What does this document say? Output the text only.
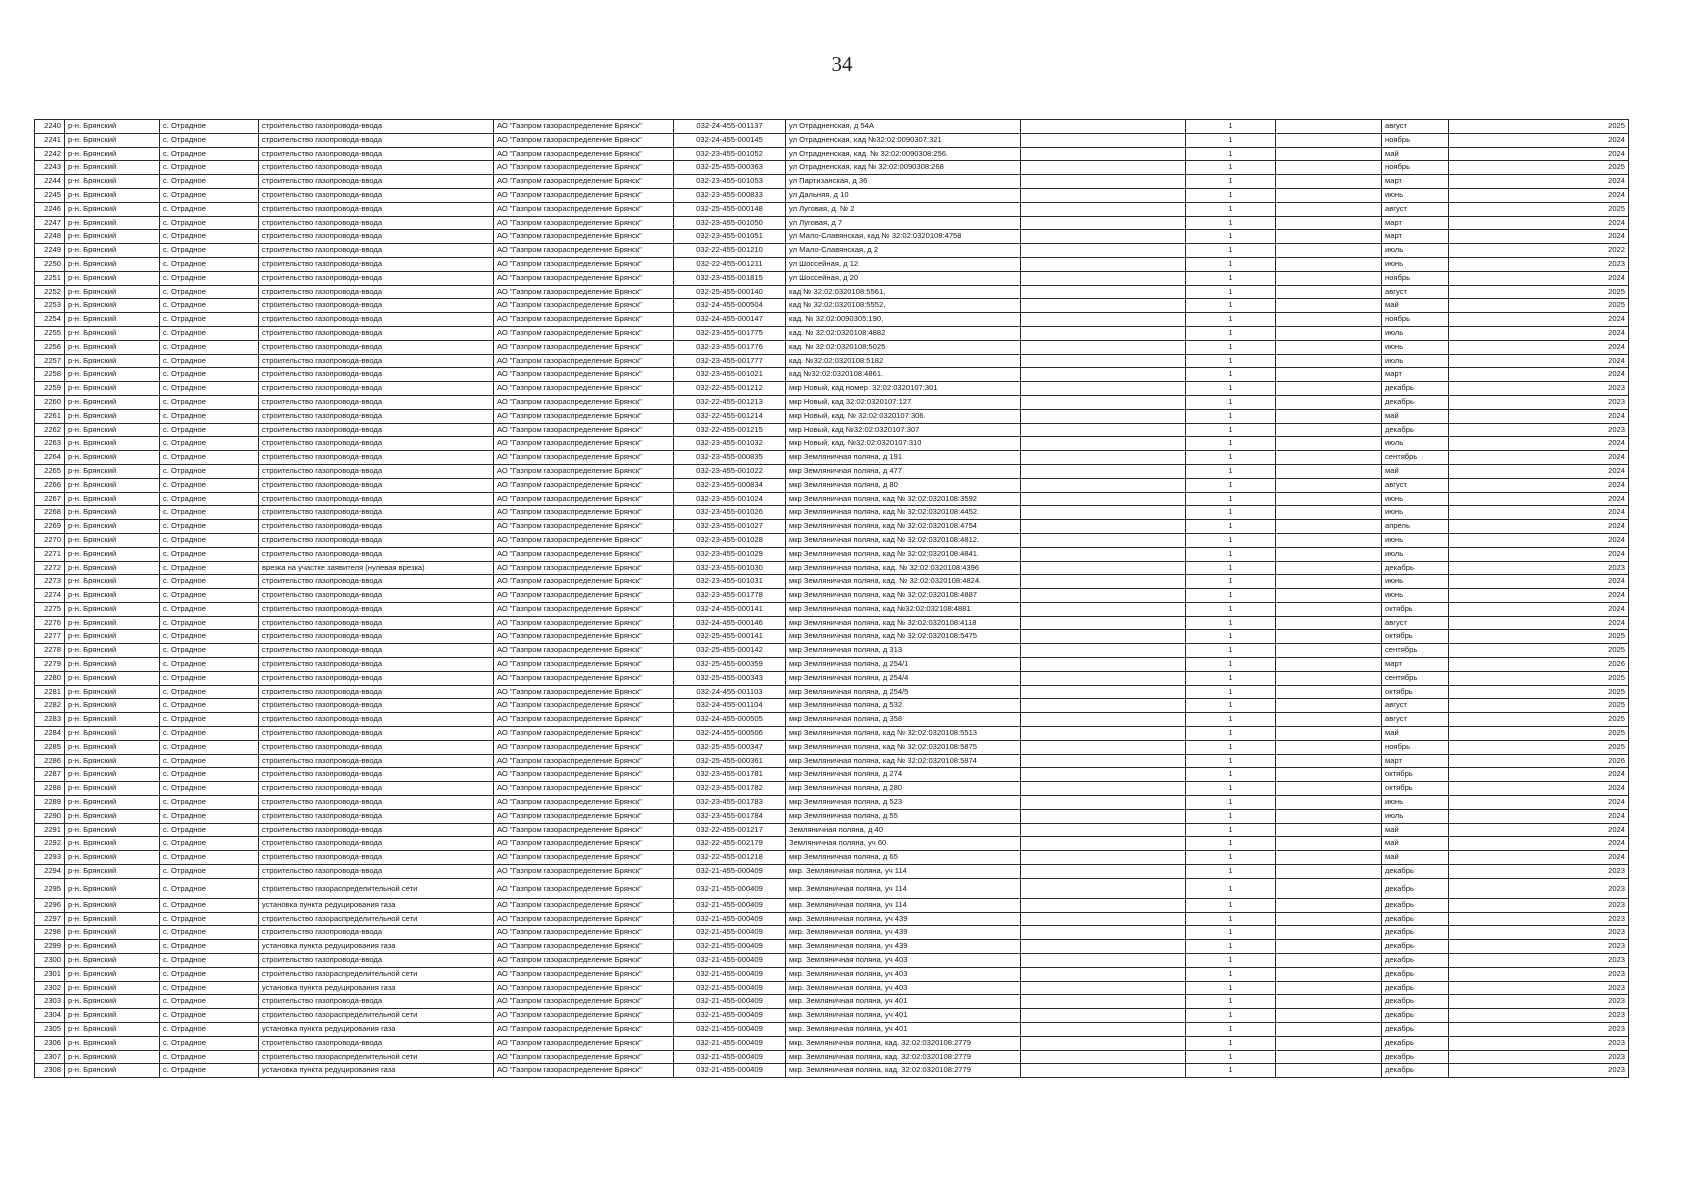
34
2240	р-н. Брянский	с. Отрадное	строительство газопровода-ввода	АО "Газпром газораспределение Брянск"	032-24-455-001137	ул Отрадненская, д 54А		1		август	2025
2241	р-н. Брянский	с. Отрадное	строительство газопровода-ввода	АО "Газпром газораспределение Брянск"	032-24-455-000145	ул Отрадненская, кад №32:02:0090307:321		1		ноябрь	2024
2242	р-н. Брянский	с. Отрадное	строительство газопровода-ввода	АО "Газпром газораспределение Брянск"	032-23-455-001052	ул Отрадненская, кад. № 32:02:0090308:256.		1		май	2024
2243	р-н. Брянский	с. Отрадное	строительство газопровода-ввода	АО "Газпром газораспределение Брянск"	032-25-455-000363	ул Отрадненская, кад № 32:02:0090308:268		1		ноябрь	2025
2244	р-н. Брянский	с. Отрадное	строительство газопровода-ввода	АО "Газпром газораспределение Брянск"	032-23-455-001053	ул Партизанская, д 36		1		март	2024
2245	р-н. Брянский	с. Отрадное	строительство газопровода-ввода	АО "Газпром газораспределение Брянск"	032-23-455-000833	ул Дальняя, д 10		1		июнь	2024
2246	р-н. Брянский	с. Отрадное	строительство газопровода-ввода	АО "Газпром газораспределение Брянск"	032-25-455-000148	ул Луговая, д. № 2		1		август	2025
2247	р-н. Брянский	с. Отрадное	строительство газопровода-ввода	АО "Газпром газораспределение Брянск"	032-23-455-001050	ул Луговая, д 7		1		март	2024
2248	р-н. Брянский	с. Отрадное	строительство газопровода-ввода	АО "Газпром газораспределение Брянск"	032-23-455-001051	ул Мало-Славянская, кад № 32:02:0320108:4758		1		март	2024
2249	р-н. Брянский	с. Отрадное	строительство газопровода-ввода	АО "Газпром газораспределение Брянск"	032-22-455-001210	ул Мало-Славянская, д 2		1		июль	2022
2250	р-н. Брянский	с. Отрадное	строительство газопровода-ввода	АО "Газпром газораспределение Брянск"	032-22-455-001211	ул Шоссейная, д 12		1		июнь	2023
2251	р-н. Брянский	с. Отрадное	строительство газопровода-ввода	АО "Газпром газораспределение Брянск"	032-23-455-001815	ул Шоссейная, д 20		1		ноябрь	2024
2252	р-н. Брянский	с. Отрадное	строительство газопровода-ввода	АО "Газпром газораспределение Брянск"	032-25-455-000140	кад № 32:02:0320108:5561,		1		август	2025
2253	р-н. Брянский	с. Отрадное	строительство газопровода-ввода	АО "Газпром газораспределение Брянск"	032-24-455-000504	кад № 32:02:0320108:5552,		1		май	2025
2254	р-н. Брянский	с. Отрадное	строительство газопровода-ввода	АО "Газпром газораспределение Брянск"	032-24-455-000147	кад. № 32:02:0090305:190,		1		ноябрь	2024
2255	р-н. Брянский	с. Отрадное	строительство газопровода-ввода	АО "Газпром газораспределение Брянск"	032-23-455-001775	кад. № 32:02:0320108:4882		1		июль	2024
2256	р-н. Брянский	с. Отрадное	строительство газопровода-ввода	АО "Газпром газораспределение Брянск"	032-23-455-001776	кад. № 32:02:0320108:5025		1		июнь	2024
2257	р-н. Брянский	с. Отрадное	строительство газопровода-ввода	АО "Газпром газораспределение Брянск"	032-23-455-001777	кад. №32:02:0320108:5182		1		июль	2024
2258	р-н. Брянский	с. Отрадное	строительство газопровода-ввода	АО "Газпром газораспределение Брянск"	032-23-455-001021	кад №32:02:0320108:4861.		1		март	2024
2259	р-н. Брянский	с. Отрадное	строительство газопровода-ввода	АО "Газпром газораспределение Брянск"	032-22-455-001212	мкр Новый, кад номер. 32:02:0320107:301		1		декабрь	2023
2260	р-н. Брянский	с. Отрадное	строительство газопровода-ввода	АО "Газпром газораспределение Брянск"	032-22-455-001213	мкр Новый, кад 32:02:0320107:127		1		декабрь	2023
2261	р-н. Брянский	с. Отрадное	строительство газопровода-ввода	АО "Газпром газораспределение Брянск"	032-22-455-001214	мкр Новый, кад. № 32:02:0320107:306.		1		май	2024
2262	р-н. Брянский	с. Отрадное	строительство газопровода-ввода	АО "Газпром газораспределение Брянск"	032-22-455-001215	мкр Новый, кад №32:02:0320107:307		1		декабрь	2023
2263	р-н. Брянский	с. Отрадное	строительство газопровода-ввода	АО "Газпром газораспределение Брянск"	032-23-455-001032	мкр Новый, кад. №32:02:0320107:310		1		июль	2024
2264	р-н. Брянский	с. Отрадное	строительство газопровода-ввода	АО "Газпром газораспределение Брянск"	032-23-455-000835	мкр Земляничная поляна, д 191		1		сентябрь	2024
2265	р-н. Брянский	с. Отрадное	строительство газопровода-ввода	АО "Газпром газораспределение Брянск"	032-23-455-001022	мкр Земляничная поляна, д 477		1		май	2024
2266	р-н. Брянский	с. Отрадное	строительство газопровода-ввода	АО "Газпром газораспределение Брянск"	032-23-455-000834	мкр Земляничная поляна, д 80		1		август	2024
2267	р-н. Брянский	с. Отрадное	строительство газопровода-ввода	АО "Газпром газораспределение Брянск"	032-23-455-001024	мкр Земляничная поляна, кад № 32:02:0320108:3592		1		июнь	2024
2268	р-н. Брянский	с. Отрадное	строительство газопровода-ввода	АО "Газпром газораспределение Брянск"	032-23-455-001026	мкр Земляничная поляна, кад № 32:02:0320108:4452.		1		июнь	2024
2269	р-н. Брянский	с. Отрадное	строительство газопровода-ввода	АО "Газпром газораспределение Брянск"	032-23-455-001027	мкр Земляничная поляна, кад № 32:02:0320108:4754		1		апрель	2024
2270	р-н. Брянский	с. Отрадное	строительство газопровода-ввода	АО "Газпром газораспределение Брянск"	032-23-455-001028	мкр Земляничная поляна, кад № 32:02:0320108:4812.		1		июнь	2024
2271	р-н. Брянский	с. Отрадное	строительство газопровода-ввода	АО "Газпром газораспределение Брянск"	032-23-455-001029	мкр Земляничная поляна, кад № 32:02:0320108:4841.		1		июль	2024
2272	р-н. Брянский	с. Отрадное	врезка на участке заявителя (нулевая врезка)	АО "Газпром газораспределение Брянск"	032-23-455-001030	мкр Земляничная поляна, кад. № 32:02:0320108:4396		1		декабрь	2023
2273	р-н. Брянский	с. Отрадное	строительство газопровода-ввода	АО "Газпром газораспределение Брянск"	032-23-455-001031	мкр Земляничная поляна, кад. № 32:02:0320108:4824.		1		июнь	2024
2274	р-н. Брянский	с. Отрадное	строительство газопровода-ввода	АО "Газпром газораспределение Брянск"	032-23-455-001778	мкр Земляничная поляна, кад № 32:02:0320108:4887		1		июнь	2024
2275	р-н. Брянский	с. Отрадное	строительство газопровода-ввода	АО "Газпром газораспределение Брянск"	032-24-455-000141	мкр Земляничная поляна, кад №32:02:032108:4881		1		октябрь	2024
2276	р-н. Брянский	с. Отрадное	строительство газопровода-ввода	АО "Газпром газораспределение Брянск"	032-24-455-000146	мкр Земляничная поляна, кад № 32:02:0320108:4118		1		август	2024
2277	р-н. Брянский	с. Отрадное	строительство газопровода-ввода	АО "Газпром газораспределение Брянск"	032-25-455-000141	мкр Земляничная поляна, кад № 32:02:0320108:5475		1		октябрь	2025
2278	р-н. Брянский	с. Отрадное	строительство газопровода-ввода	АО "Газпром газораспределение Брянск"	032-25-455-000142	мкр Земляничная поляна, д 313		1		сентябрь	2025
2279	р-н. Брянский	с. Отрадное	строительство газопровода-ввода	АО "Газпром газораспределение Брянск"	032-25-455-000359	мкр Земляничная поляна, д 254/1		1		март	2026
2280	р-н. Брянский	с. Отрадное	строительство газопровода-ввода	АО "Газпром газораспределение Брянск"	032-25-455-000343	мкр Земляничная поляна, д 254/4		1		сентябрь	2025
2281	р-н. Брянский	с. Отрадное	строительство газопровода-ввода	АО "Газпром газораспределение Брянск"	032-24-455-001103	мкр Земляничная поляна, д 254/5		1		октябрь	2025
2282	р-н. Брянский	с. Отрадное	строительство газопровода-ввода	АО "Газпром газораспределение Брянск"	032-24-455-001104	мкр Земляничная поляна, д 532		1		август	2025
2283	р-н. Брянский	с. Отрадное	строительство газопровода-ввода	АО "Газпром газораспределение Брянск"	032-24-455-000505	мкр Земляничная поляна, д 358		1		август	2025
2284	р-н. Брянский	с. Отрадное	строительство газопровода-ввода	АО "Газпром газораспределение Брянск"	032-24-455-000506	мкр Земляничная поляна, кад № 32:02:0320108:5513		1		май	2025
2285	р-н. Брянский	с. Отрадное	строительство газопровода-ввода	АО "Газпром газораспределение Брянск"	032-25-455-000347	мкр Земляничная поляна, кад № 32:02:0320108:5875		1		ноябрь	2025
2286	р-н. Брянский	с. Отрадное	строительство газопровода-ввода	АО "Газпром газораспределение Брянск"	032-25-455-000361	мкр Земляничная поляна, кад № 32:02:0320108:5874		1		март	2026
2287	р-н. Брянский	с. Отрадное	строительство газопровода-ввода	АО "Газпром газораспределение Брянск"	032-23-455-001781	мкр Земляничная поляна, д 274		1		октябрь	2024
2288	р-н. Брянский	с. Отрадное	строительство газопровода-ввода	АО "Газпром газораспределение Брянск"	032-23-455-001782	мкр Земляничная поляна, д 280		1		октябрь	2024
2289	р-н. Брянский	с. Отрадное	строительство газопровода-ввода	АО "Газпром газораспределение Брянск"	032-23-455-001783	мкр Земляничная поляна, д 523		1		июнь	2024
2290	р-н. Брянский	с. Отрадное	строительство газопровода-ввода	АО "Газпром газораспределение Брянск"	032-23-455-001784	мкр Земляничная поляна, д 55		1		июль	2024
2291	р-н. Брянский	с. Отрадное	строительство газопровода-ввода	АО "Газпром газораспределение Брянск"	032-22-455-001217	Земляничная поляна, д 40		1		май	2024
2292	р-н. Брянский	с. Отрадное	строительство газопровода-ввода	АО "Газпром газораспределение Брянск"	032-22-455-002179	Земляничная поляна, уч 60		1		май	2024
2293	р-н. Брянский	с. Отрадное	строительство газопровода-ввода	АО "Газпром газораспределение Брянск"	032-22-455-001218	мкр Земляничная поляна, д 65		1		май	2024
2294	р-н. Брянский	с. Отрадное	строительство газопровода-ввода	АО "Газпром газораспределение Брянск"	032-21-455-000409	мкр. Земляничная поляна, уч 114		1		декабрь	2023
2295	р-н. Брянский	с. Отрадное	строительство газораспределительной сети	АО "Газпром газораспределение Брянск"	032-21-455-000409	мкр. Земляничная поляна, уч 114		1		декабрь	2023
2296	р-н. Брянский	с. Отрадное	установка пункта редуцирования газа	АО "Газпром газораспределение Брянск"	032-21-455-000409	мкр. Земляничная поляна, уч 114		1		декабрь	2023
2297	р-н. Брянский	с. Отрадное	строительство газораспределительной сети	АО "Газпром газораспределение Брянск"	032-21-455-000409	мкр. Земляничная поляна, уч 439		1		декабрь	2023
2298	р-н. Брянский	с. Отрадное	строительство газопровода-ввода	АО "Газпром газораспределение Брянск"	032-21-455-000409	мкр. Земляничная поляна, уч 439		1		декабрь	2023
2299	р-н. Брянский	с. Отрадное	установка пункта редуцирования газа	АО "Газпром газораспределение Брянск"	032-21-455-000409	мкр. Земляничная поляна, уч 439		1		декабрь	2023
2300	р-н. Брянский	с. Отрадное	строительство газопровода-ввода	АО "Газпром газораспределение Брянск"	032-21-455-000409	мкр. Земляничная поляна, уч 403		1		декабрь	2023
2301	р-н. Брянский	с. Отрадное	строительство газораспределительной сети	АО "Газпром газораспределение Брянск"	032-21-455-000409	мкр. Земляничная поляна, уч 403		1		декабрь	2023
2302	р-н. Брянский	с. Отрадное	установка пункта редуцирования газа	АО "Газпром газораспределение Брянск"	032-21-455-000409	мкр. Земляничная поляна, уч 403		1		декабрь	2023
2303	р-н. Брянский	с. Отрадное	строительство газопровода-ввода	АО "Газпром газораспределение Брянск"	032-21-455-000409	мкр. Земляничная поляна, уч 401		1		декабрь	2023
2304	р-н. Брянский	с. Отрадное	строительство газораспределительной сети	АО "Газпром газораспределение Брянск"	032-21-455-000409	мкр. Земляничная поляна, уч 401		1		декабрь	2023
2305	р-н. Брянский	с. Отрадное	установка пункта редуцирования газа	АО "Газпром газораспределение Брянск"	032-21-455-000409	мкр. Земляничная поляна, уч 401		1		декабрь	2023
2306	р-н. Брянский	с. Отрадное	строительство газопровода-ввода	АО "Газпром газораспределение Брянск"	032-21-455-000409	мкр. Земляничная поляна, кад. 32:02:0320108:2779		1		декабрь	2023
2307	р-н. Брянский	с. Отрадное	строительство газораспределительной сети	АО "Газпром газораспределение Брянск"	032-21-455-000409	мкр. Земляничная поляна, кад. 32:02:0320108:2779		1		декабрь	2023
2308	р-н. Брянский	с. Отрадное	установка пункта редуцирования газа	АО "Газпром газораспределение Брянск"	032-21-455-000409	мкр. Земляничная поляна, кад. 32:02:0320108:2779		1		декабрь	2023
